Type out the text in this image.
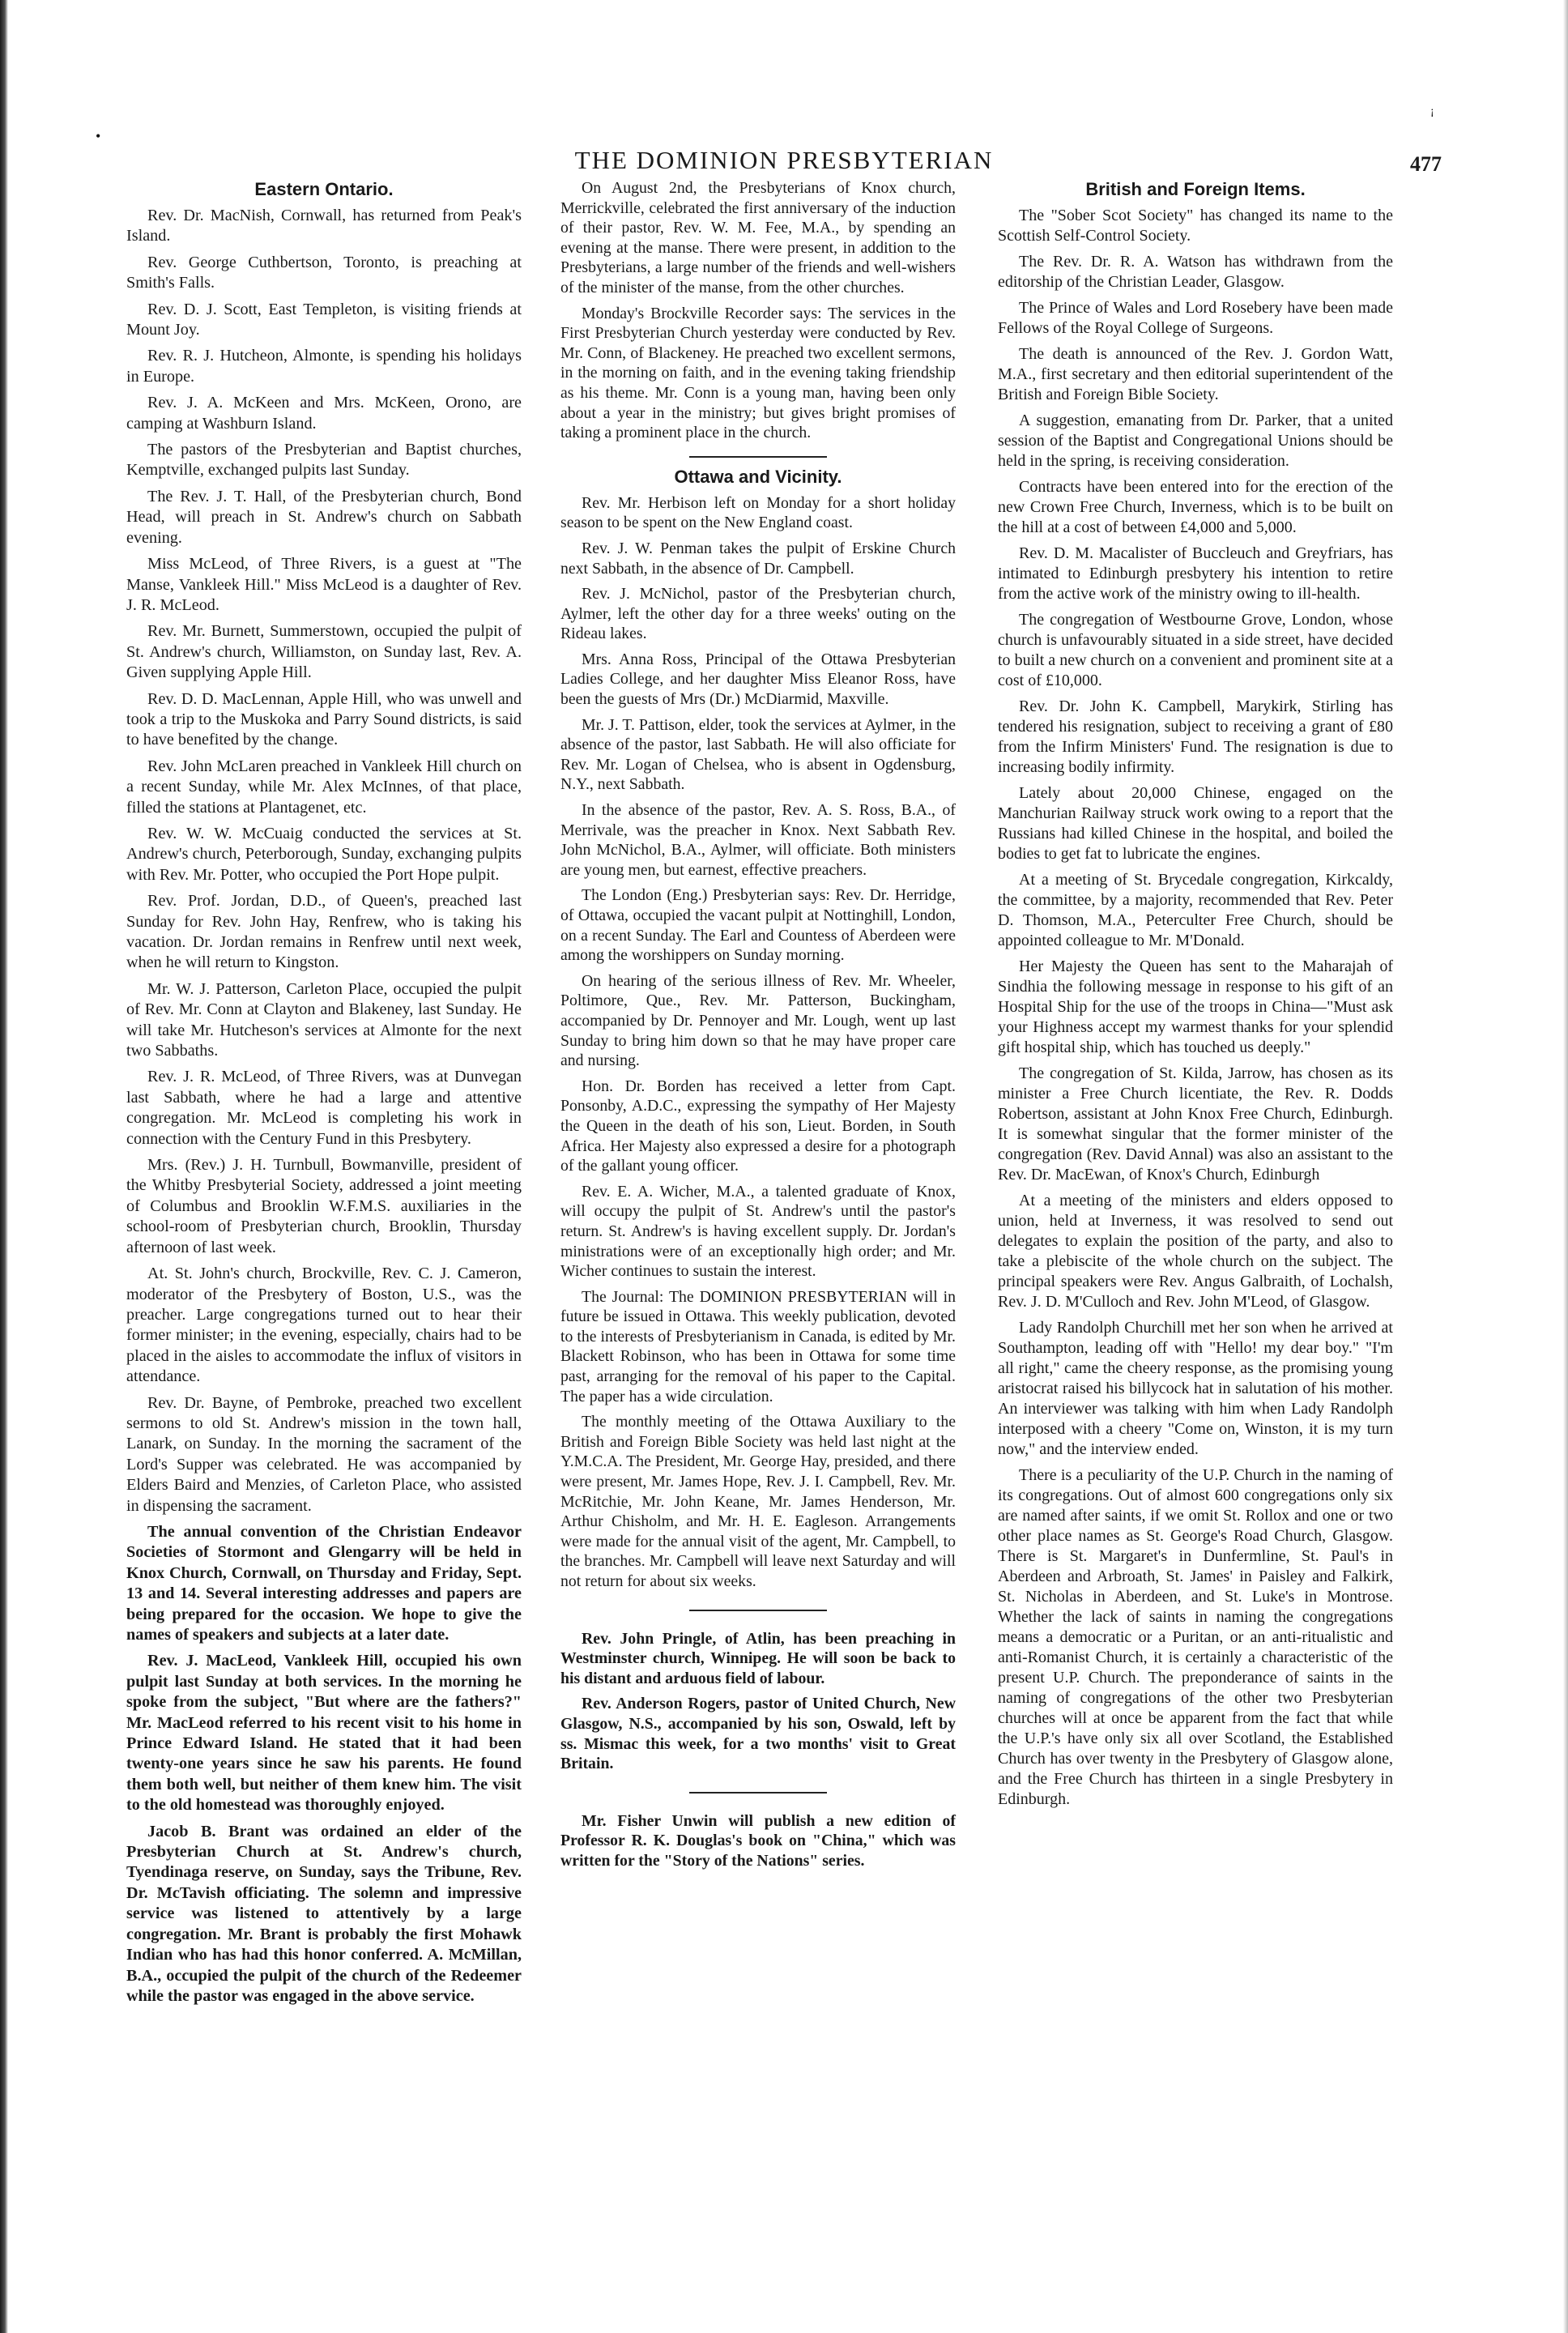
•
¡
THE DOMINION PRESBYTERIAN	477
Eastern Ontario.

Rev. Dr. MacNish, Cornwall, has returned from Peak's Island.

Rev. George Cuthbertson, Toronto, is preaching at Smith's Falls.

Rev. D. J. Scott, East Templeton, is visiting friends at Mount Joy.

Rev. R. J. Hutcheon, Almonte, is spending his holidays in Europe.

Rev. J. A. McKeen and Mrs. McKeen, Orono, are camping at Washburn Island.

The pastors of the Presbyterian and Baptist churches, Kemptville, exchanged pulpits last Sunday.

The Rev. J. T. Hall, of the Presbyterian church, Bond Head, will preach in St. Andrew's church on Sabbath evening.

Miss McLeod, of Three Rivers, is a guest at "The Manse, Vankleek Hill." Miss McLeod is a daughter of Rev. J. R. McLeod.

Rev. Mr. Burnett, Summerstown, occupied the pulpit of St. Andrew's church, Williamston, on Sunday last, Rev. A. Given supplying Apple Hill.

Rev. D. D. MacLennan, Apple Hill, who was unwell and took a trip to the Muskoka and Parry Sound districts, is said to have benefited by the change.

Rev. John McLaren preached in Vankleek Hill church on a recent Sunday, while Mr. Alex McInnes, of that place, filled the stations at Plantagenet, etc.

Rev. W. W. McCuaig conducted the services at St. Andrew's church, Peterborough, Sunday, exchanging pulpits with Rev. Mr. Potter, who occupied the Port Hope pulpit.

Rev. Prof. Jordan, D.D., of Queen's, preached last Sunday for Rev. John Hay, Renfrew, who is taking his vacation. Dr. Jordan remains in Renfrew until next week, when he will return to Kingston.

Mr. W. J. Patterson, Carleton Place, occupied the pulpit of Rev. Mr. Conn at Clayton and Blakeney, last Sunday. He will take Mr. Hutcheson's services at Almonte for the next two Sabbaths.

Rev. J. R. McLeod, of Three Rivers, was at Dunvegan last Sabbath, where he had a large and attentive congregation. Mr. McLeod is completing his work in connection with the Century Fund in this Presbytery.

Mrs. (Rev.) J. H. Turnbull, Bowmanville, president of the Whitby Presbyterial Society, addressed a joint meeting of Columbus and Brooklin W.F.M.S. auxiliaries in the school-room of Presbyterian church, Brooklin, Thursday afternoon of last week.

At. St. John's church, Brockville, Rev. C. J. Cameron, moderator of the Presbytery of Boston, U.S., was the preacher. Large congregations turned out to hear their former minister; in the evening, especially, chairs had to be placed in the aisles to accommodate the influx of visitors in attendance.

Rev. Dr. Bayne, of Pembroke, preached two excellent sermons to old St. Andrew's mission in the town hall, Lanark, on Sunday. In the morning the sacrament of the Lord's Supper was celebrated. He was accompanied by Elders Baird and Menzies, of Carleton Place, who assisted in dispensing the sacrament.

The annual convention of the Christian Endeavor Societies of Stormont and Glengarry will be held in Knox Church, Cornwall, on Thursday and Friday, Sept. 13 and 14. Several interesting addresses and papers are being prepared for the occasion. We hope to give the names of speakers and subjects at a later date.

Rev. J. MacLeod, Vankleek Hill, occupied his own pulpit last Sunday at both services. In the morning he spoke from the subject, "But where are the fathers?" Mr. MacLeod referred to his recent visit to his home in Prince Edward Island. He stated that it had been twenty-one years since he saw his parents. He found them both well, but neither of them knew him. The visit to the old homestead was thoroughly enjoyed.

Jacob B. Brant was ordained an elder of the Presbyterian Church at St. Andrew's church, Tyendinaga reserve, on Sunday, says the Tribune, Rev. Dr. McTavish officiating. The solemn and impressive service was listened to attentively by a large congregation. Mr. Brant is probably the first Mohawk Indian who has had this honor conferred. A. McMillan, B.A., occupied the pulpit of the church of the Redeemer while the pastor was engaged in the above service.

On August 2nd, the Presbyterians of Knox church, Merrickville, celebrated the first anniversary of the induction of their pastor, Rev. W. M. Fee, M.A., by spending an evening at the manse. There were present, in addition to the Presbyterians, a large number of the friends and well-wishers of the minister of the manse, from the other churches.

Monday's Brockville Recorder says: The services in the First Presbyterian Church yesterday were conducted by Rev. Mr. Conn, of Blackeney. He preached two excellent sermons, in the morning on faith, and in the evening taking friendship as his theme. Mr. Conn is a young man, having been only about a year in the ministry; but gives bright promises of taking a prominent place in the church.

Ottawa and Vicinity.

Rev. Mr. Herbison left on Monday for a short holiday season to be spent on the New England coast.

Rev. J. W. Penman takes the pulpit of Erskine Church next Sabbath, in the absence of Dr. Campbell.

Rev. J. McNichol, pastor of the Presbyterian church, Aylmer, left the other day for a three weeks' outing on the Rideau lakes.

Mrs. Anna Ross, Principal of the Ottawa Presbyterian Ladies College, and her daughter Miss Eleanor Ross, have been the guests of Mrs (Dr.) McDiarmid, Maxville.

Mr. J. T. Pattison, elder, took the services at Aylmer, in the absence of the pastor, last Sabbath. He will also officiate for Rev. Mr. Logan of Chelsea, who is absent in Ogdensburg, N.Y., next Sabbath.

In the absence of the pastor, Rev. A. S. Ross, B.A., of Merrivale, was the preacher in Knox. Next Sabbath Rev. John McNichol, B.A., Aylmer, will officiate. Both ministers are young men, but earnest, effective preachers.

The London (Eng.) Presbyterian says: Rev. Dr. Herridge, of Ottawa, occupied the vacant pulpit at Nottinghill, London, on a recent Sunday. The Earl and Countess of Aberdeen were among the worshippers on Sunday morning.

On hearing of the serious illness of Rev. Mr. Wheeler, Poltimore, Que., Rev. Mr. Patterson, Buckingham, accompanied by Dr. Pennoyer and Mr. Lough, went up last Sunday to bring him down so that he may have proper care and nursing.

Hon. Dr. Borden has received a letter from Capt. Ponsonby, A.D.C., expressing the sympathy of Her Majesty the Queen in the death of his son, Lieut. Borden, in South Africa. Her Majesty also expressed a desire for a photograph of the gallant young officer.

Rev. E. A. Wicher, M.A., a talented graduate of Knox, will occupy the pulpit of St. Andrew's until the pastor's return. St. Andrew's is having excellent supply. Dr. Jordan's ministrations were of an exceptionally high order; and Mr. Wicher continues to sustain the interest.

The Journal: The DOMINION PRESBYTERIAN will in future be issued in Ottawa. This weekly publication, devoted to the interests of Presbyterianism in Canada, is edited by Mr. Blackett Robinson, who has been in Ottawa for some time past, arranging for the removal of his paper to the Capital. The paper has a wide circulation.

The monthly meeting of the Ottawa Auxiliary to the British and Foreign Bible Society was held last night at the Y.M.C.A. The President, Mr. George Hay, presided, and there were present, Mr. James Hope, Rev. J. I. Campbell, Rev. Mr. McRitchie, Mr. John Keane, Mr. James Henderson, Mr. Arthur Chisholm, and Mr. H. E. Eagleson. Arrangements were made for the annual visit of the agent, Mr. Campbell, to the branches. Mr. Campbell will leave next Saturday and will not return for about six weeks.

Rev. John Pringle, of Atlin, has been preaching in Westminster church, Winnipeg. He will soon be back to his distant and arduous field of labour.

Rev. Anderson Rogers, pastor of United Church, New Glasgow, N.S., accompanied by his son, Oswald, left by ss. Mismac this week, for a two months' visit to Great Britain.

Mr. Fisher Unwin will publish a new edition of Professor R. K. Douglas's book on "China," which was written for the "Story of the Nations" series.

British and Foreign Items.

The "Sober Scot Society" has changed its name to the Scottish Self-Control Society.

The Rev. Dr. R. A. Watson has withdrawn from the editorship of the Christian Leader, Glasgow.

The Prince of Wales and Lord Rosebery have been made Fellows of the Royal College of Surgeons.

The death is announced of the Rev. J. Gordon Watt, M.A., first secretary and then editorial superintendent of the British and Foreign Bible Society.

A suggestion, emanating from Dr. Parker, that a united session of the Baptist and Congregational Unions should be held in the spring, is receiving consideration.

Contracts have been entered into for the erection of the new Crown Free Church, Inverness, which is to be built on the hill at a cost of between £4,000 and 5,000.

Rev. D. M. Macalister of Buccleuch and Greyfriars, has intimated to Edinburgh presbytery his intention to retire from the active work of the ministry owing to ill-health.

The congregation of Westbourne Grove, London, whose church is unfavourably situated in a side street, have decided to built a new church on a convenient and prominent site at a cost of £10,000.

Rev. Dr. John K. Campbell, Marykirk, Stirling has tendered his resignation, subject to receiving a grant of £80 from the Infirm Ministers' Fund. The resignation is due to increasing bodily infirmity.

Lately about 20,000 Chinese, engaged on the Manchurian Railway struck work owing to a report that the Russians had killed Chinese in the hospital, and boiled the bodies to get fat to lubricate the engines.

At a meeting of St. Brycedale congregation, Kirkcaldy, the committee, by a majority, recommended that Rev. Peter D. Thomson, M.A., Peterculter Free Church, should be appointed colleague to Mr. M'Donald.

Her Majesty the Queen has sent to the Maharajah of Sindhia the following message in response to his gift of an Hospital Ship for the use of the troops in China—"Must ask your Highness accept my warmest thanks for your splendid gift hospital ship, which has touched us deeply."

The congregation of St. Kilda, Jarrow, has chosen as its minister a Free Church licentiate, the Rev. R. Dodds Robertson, assistant at John Knox Free Church, Edinburgh. It is somewhat singular that the former minister of the congregation (Rev. David Annal) was also an assistant to the Rev. Dr. MacEwan, of Knox's Church, Edinburgh

At a meeting of the ministers and elders opposed to union, held at Inverness, it was resolved to send out delegates to explain the position of the party, and also to take a plebiscite of the whole church on the subject. The principal speakers were Rev. Angus Galbraith, of Lochalsh, Rev. J. D. M'Culloch and Rev. John M'Leod, of Glasgow.

Lady Randolph Churchill met her son when he arrived at Southampton, leading off with "Hello! my dear boy." "I'm all right," came the cheery response, as the promising young aristocrat raised his billycock hat in salutation of his mother. An interviewer was talking with him when Lady Randolph interposed with a cheery "Come on, Winston, it is my turn now," and the interview ended.

There is a peculiarity of the U.P. Church in the naming of its congregations. Out of almost 600 congregations only six are named after saints, if we omit St. Rollox and one or two other place names as St. George's Road Church, Glasgow. There is St. Margaret's in Dunfermline, St. Paul's in Aberdeen and Arbroath, St. James' in Paisley and Falkirk, St. Nicholas in Aberdeen, and St. Luke's in Montrose. Whether the lack of saints in naming the congregations means a democratic or a Puritan, or an anti-ritualistic and anti-Romanist Church, it is certainly a characteristic of the present U.P. Church. The preponderance of saints in the naming of congregations of the other two Presbyterian churches will at once be apparent from the fact that while the U.P.'s have only six all over Scotland, the Established Church has over twenty in the Presbytery of Glasgow alone, and the Free Church has thirteen in a single Presbytery in Edinburgh.
